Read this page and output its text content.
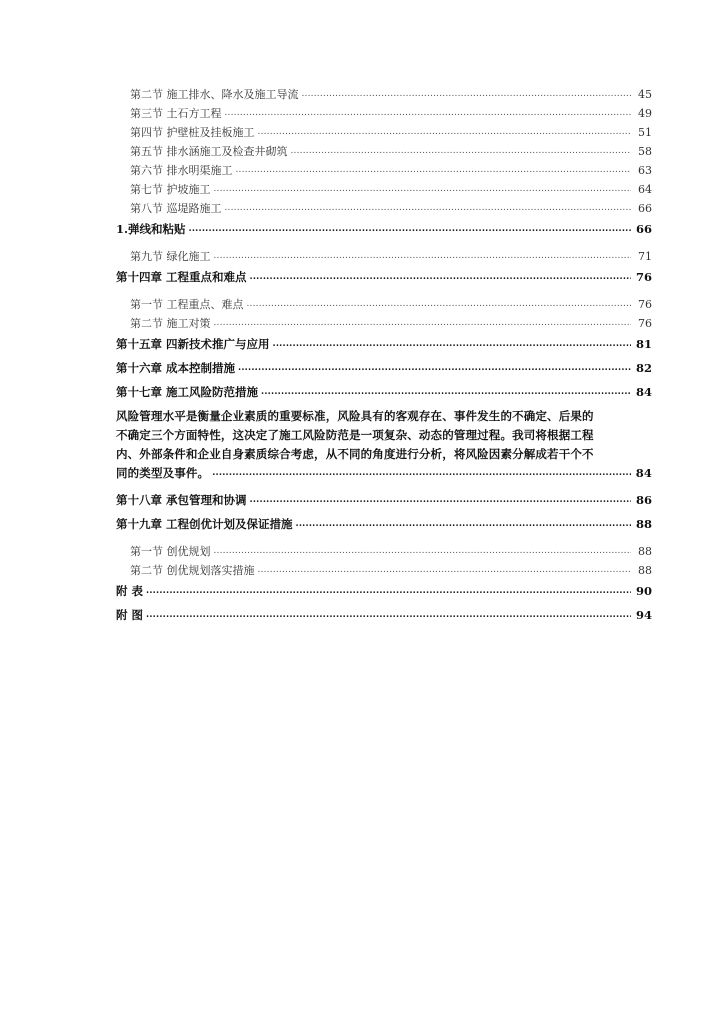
第二节 施工排水、降水及施工导流 .....	45
第三节 土石方工程 .....	49
第四节 护壁桩及挂板施工 .....	51
第五节 排水涵施工及检查井砌筑 .....	58
第六节 排水明渠施工 .....	63
第七节 护坡施工 .....	64
第八节 巡堤路施工 .....	66
1.弹线和粘贴 .....	66
第九节 绿化施工 .....	71
第十四章 工程重点和难点 .....	76
第一节 工程重点、难点 .....	76
第二节 施工对策 .....	76
第十五章 四新技术推广与应用 .....	81
第十六章 成本控制措施 .....	82
第十七章 施工风险防范措施 .....	84
风险管理水平是衡量企业素质的重要标准，风险具有的客观存在、事件发生的不确定、后果的
不确定三个方面特性，这决定了施工风险防范是一项复杂、动态的管理过程。我司将根据工程
内、外部条件和企业自身素质综合考虑，从不同的角度进行分析，将风险因素分解成若干个不
同的类型及事件。 .....	84
第十八章 承包管理和协调 .....	86
第十九章 工程创优计划及保证措施 .....	88
第一节 创优规划 .....	88
第二节 创优规划落实措施 .....	88
附 表 .....	90
附 图 .....	94
